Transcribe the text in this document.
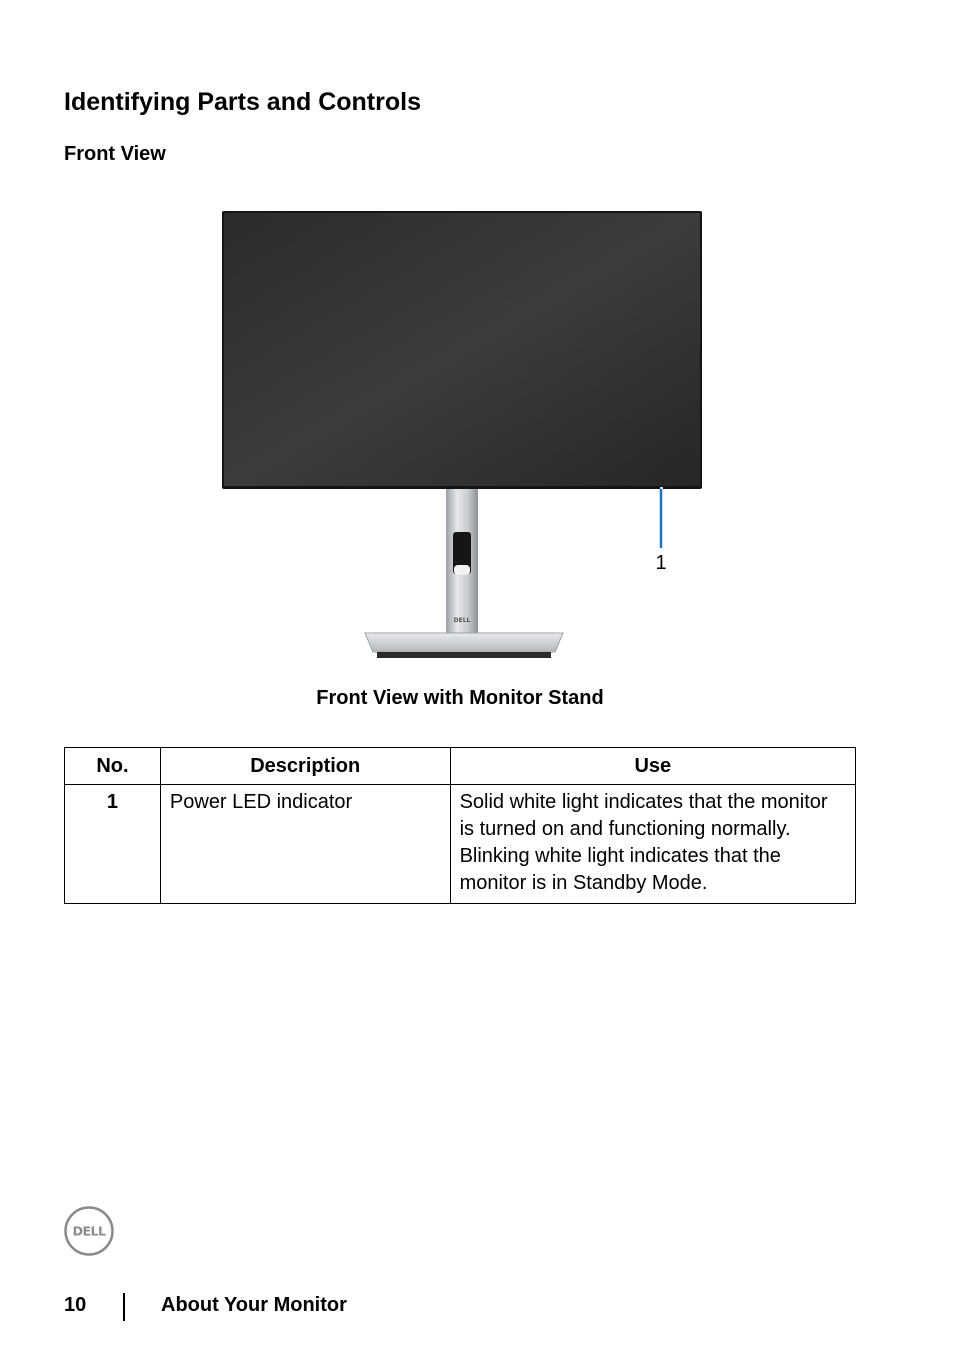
Identifying Parts and Controls
Front View
DELL
1
Front View with Monitor Stand
No.	Description	Use
1	Power LED indicator	Solid white light indicates that the monitor is turned on and functioning normally. Blinking white light indicates that the monitor is in Standby Mode.
DELL
10	About Your Monitor
